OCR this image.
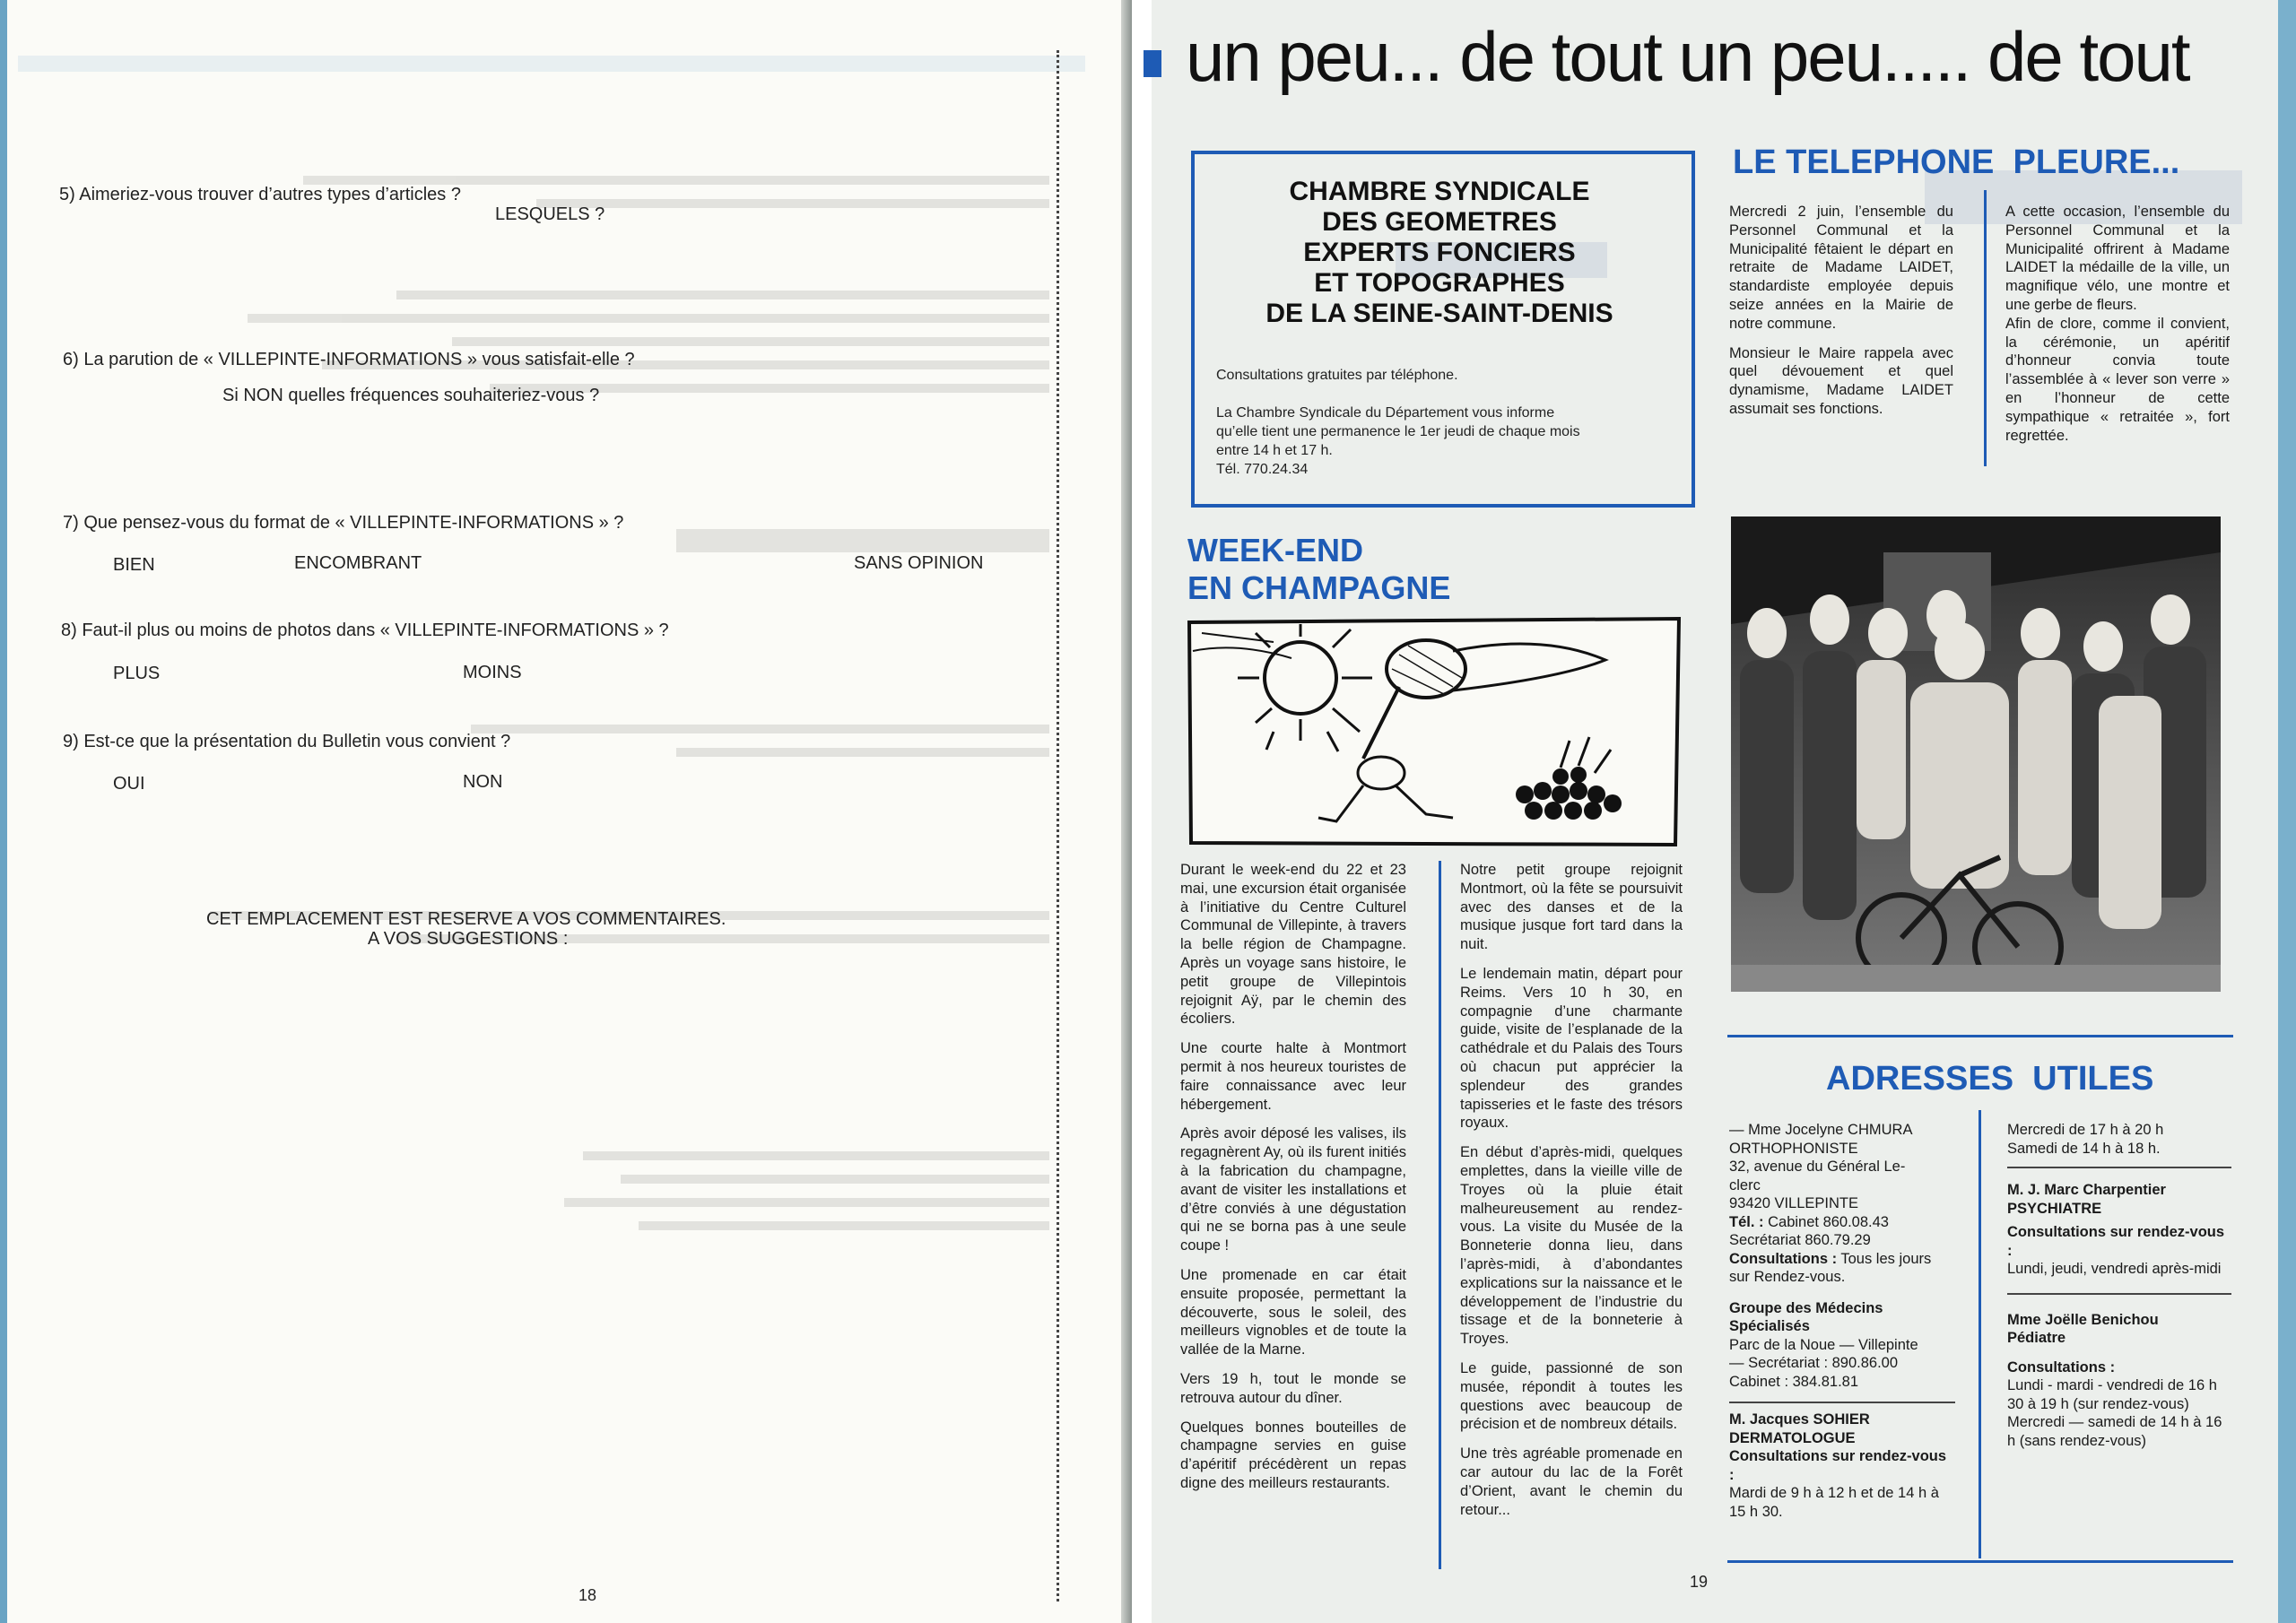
5) Aimeriez-vous trouver d’autres types d’articles ?
LESQUELS ?
6) La parution de « VILLEPINTE-INFORMATIONS » vous satisfait-elle ?
Si NON quelles fréquences souhaiteriez-vous ?
7) Que pensez-vous du format de « VILLEPINTE-INFORMATIONS » ?
BIEN	ENCOMBRANT	SANS OPINION
8) Faut-il plus ou moins de photos dans « VILLEPINTE-INFORMATIONS » ?
PLUS	MOINS
9) Est-ce que la présentation du Bulletin vous convient ?
OUI	NON
CET EMPLACEMENT EST RESERVE A VOS COMMENTAIRES.
A VOS SUGGESTIONS :
18
un peu... de tout un peu..... de tout
CHAMBRE SYNDICALE
DES GEOMETRES
EXPERTS FONCIERS
ET TOPOGRAPHES
DE LA SEINE-SAINT-DENIS
Consultations gratuites par téléphone.
La Chambre Syndicale du Département vous informe
qu’elle tient une permanence le 1er jeudi de chaque mois
entre 14 h et 17 h.
Tél. 770.24.34
LE TELEPHONE  PLEURE...

Mercredi 2 juin, l’ensemble du Personnel Communal et la Municipalité fêtaient le départ en retraite de Madame LAIDET, standardiste employée depuis seize années en la Mairie de notre commune.

Monsieur le Maire rappela avec quel dévouement et quel dynamisme, Madame LAIDET assumait ses fonctions.

A cette occasion, l’ensemble du Personnel Communal et la Municipalité offrirent à Madame LAIDET la médaille de la ville, un magnifique vélo, une montre et une gerbe de fleurs.

Afin de clore, comme il convient, la cérémonie, un apéritif d’honneur convia toute l’assemblée à « lever son verre » en l’honneur de cette sympathique « retraitée », fort regrettée.

WEEK-END
EN CHAMPAGNE

Durant le week-end du 22 et 23 mai, une excursion était organisée à l’initiative du Centre Culturel Communal de Villepinte, à travers la belle région de Champagne. Après un voyage sans histoire, le petit groupe de Villepintois rejoignit Aÿ, par le chemin des écoliers.

Une courte halte à Montmort permit à nos heureux touristes de faire connaissance avec leur hébergement.

Après avoir déposé les valises, ils regagnèrent Ay, où ils furent initiés à la fabrication du champagne, avant de visiter les installations et d’être conviés à une dégustation qui ne se borna pas à une seule coupe !

Une promenade en car était ensuite proposée, permettant la découverte, sous le soleil, des meilleurs vignobles et de toute la vallée de la Marne.

Vers 19 h, tout le monde se retrouva autour du dîner.

Quelques bonnes bouteilles de champagne servies en guise d’apéritif précédèrent un repas digne des meilleurs restaurants.

Notre petit groupe rejoignit Montmort, où la fête se poursuivit avec des danses et de la musique jusque fort tard dans la nuit.

Le lendemain matin, départ pour Reims. Vers 10 h 30, en compagnie d’une charmante guide, visite de l’esplanade de la cathédrale et du Palais des Tours où chacun put apprécier la splendeur des grandes tapisseries et le faste des trésors royaux.

En début d’après-midi, quelques emplettes, dans la vieille ville de Troyes où la pluie était malheureusement au rendez-vous. La visite du Musée de la Bonneterie donna lieu, dans l’après-midi, à d’abondantes explications sur la naissance et le développement de l’industrie du tissage et de la bonneterie à Troyes.

Le guide, passionné de son musée, répondit à toutes les questions avec beaucoup de précision et de nombreux détails.

Une très agréable promenade en car autour du lac de la Forêt d’Orient, avant le chemin du retour...

ADRESSES  UTILES
— Mme Jocelyne CHMURA
ORTHOPHONISTE
32, avenue du Général Le-
clerc
93420 VILLEPINTE
Tél. : Cabinet 860.08.43
Secrétariat 860.79.29
Consultations : Tous les jours sur Rendez-vous.
Groupe des Médecins Spécialisés
Parc de la Noue — Villepinte
— Secrétariat : 890.86.00
Cabinet : 384.81.81
M. Jacques SOHIER
DERMATOLOGUE
Consultations sur rendez-vous :
Mardi de 9 h à 12 h et de 14 h à 15 h 30.
Mercredi de 17 h à 20 h
Samedi de 14 h à 18 h.
M. J. Marc Charpentier
PSYCHIATRE
Consultations sur rendez-vous :
Lundi, jeudi, vendredi après-midi
Mme Joëlle Benichou
Pédiatre
Consultations :
Lundi - mardi - vendredi de 16 h 30 à 19 h (sur rendez-vous)
Mercredi — samedi de 14 h à 16 h (sans rendez-vous)
19
